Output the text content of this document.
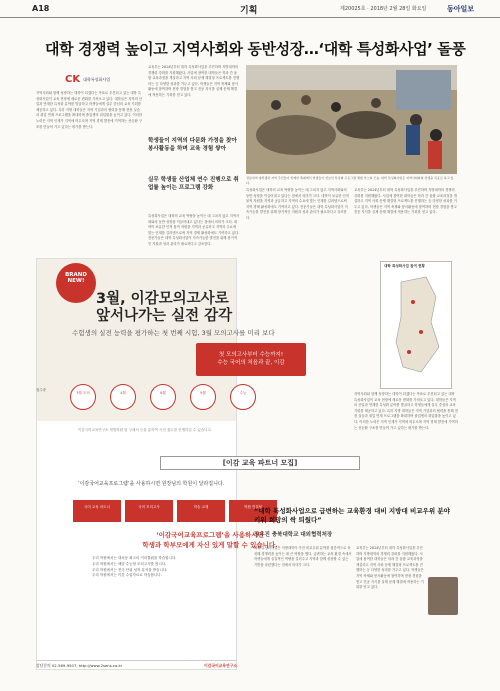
A18	기획	제20025호 · 2018년 2월 28일 화요일	동아일보
대학 경쟁력 높이고 지역사회와 동반성장…‘대학 특성화사업’ 돌풍
CK 대학특성화사업
지역사회와 함께 성장하는 대학이 되겠다는 목표로 추진되고 있는 대학 특성화사업이 교육 현장에 새로운 변화를 가져오고 있다. 대학들은 지역의 산업과 연계한 특성화 분야를 발굴하고 학생들에게 실무 중심의 교육 기회를 제공하고 있다. 특히 지방 대학들은 지역 기업과의 협력을 통해 현장 실습과 취업 연계 프로그램을 확대하며 졸업생의 취업률을 높이고 있다. 이러한 노력은 지역 인재가 지역에 머무르며 지역 경제 발전에 기여하는 선순환 구조를 만들어 가고 있다는 평가를 받는다.
교육부는 2014년부터 대학 특성화사업을 추진하며 지방대학의 경쟁력 강화를 지원해왔다. 사업에 참여한 대학들은 학과 간 융합 교육과정을 개설하고 지역 사회 문제 해결형 프로젝트를 진행하는 등 다양한 성과를 거두고 있다. 학생들은 지역 축제와 봉사활동에 참여하며 현장 경험을 쌓고 전공 지식을 실제 문제 해결에 적용하는 기회를 얻고 있다.
학생들이 지역의 다문화 가정을 찾아 봉사활동을 하며 교육 경험 쌓아
실무 학생들 산업체 연수 진행으로 취업률 높이는 프로그램 강화
특성화사업은 대학의 교육 역량을 높이는 데 그치지 않고 지역사회와의 동반 성장을 이끌어내고 있다는 점에서 의미가 크다. 대학이 보유한 인적 물적 자원을 지역과 공유하고 지역의 수요에 맞는 인재를 길러냄으로써 지역 경제 활성화에도 기여하고 있다. 전문가들은 대학 특성화사업이 지속가능한 발전을 위해 장기적인 지원과 성과 관리가 필요하다고 강조한다.
전남지역 대학생과 지역 주민들이 함께한 축제에서 학생들이 선보인 특성화 프로그램 체험 부스의 모습. 대학 특성화사업은 지역사회와의 상생을 목표로 하고 있다.
특성화사업은 대학의 교육 역량을 높이는 데 그치지 않고 지역사회와의 동반 성장을 이끌어내고 있다는 점에서 의미가 크다. 대학이 보유한 인적 물적 자원을 지역과 공유하고 지역의 수요에 맞는 인재를 길러냄으로써 지역 경제 활성화에도 기여하고 있다. 전문가들은 대학 특성화사업이 지속가능한 발전을 위해 장기적인 지원과 성과 관리가 필요하다고 강조한다.
교육부는 2014년부터 대학 특성화사업을 추진하며 지방대학의 경쟁력 강화를 지원해왔다. 사업에 참여한 대학들은 학과 간 융합 교육과정을 개설하고 지역 사회 문제 해결형 프로젝트를 진행하는 등 다양한 성과를 거두고 있다. 학생들은 지역 축제와 봉사활동에 참여하며 현장 경험을 쌓고 전공 지식을 실제 문제 해결에 적용하는 기회를 얻고 있다.
대학 특성화사업 참여 현황
지역사회와 함께 성장하는 대학이 되겠다는 목표로 추진되고 있는 대학 특성화사업이 교육 현장에 새로운 변화를 가져오고 있다. 대학들은 지역의 산업과 연계한 특성화 분야를 발굴하고 학생들에게 실무 중심의 교육 기회를 제공하고 있다. 특히 지방 대학들은 지역 기업과의 협력을 통해 현장 실습과 취업 연계 프로그램을 확대하며 졸업생의 취업률을 높이고 있다. 이러한 노력은 지역 인재가 지역에 머무르며 지역 경제 발전에 기여하는 선순환 구조를 만들어 가고 있다는 평가를 받는다.
BRAND NEW!
3월, 이감모의고사로
앞서나가는 실전 감각
수험생의 실전 능력을 평가하는 첫 번째 시험, 3월 모의고사를 미리 보다
첫 모의고사부터 수능까지!
수능 국어의 처음과 끝, 이감
접수중
3월 모의	4월	6월	9월	수능
이감국어교육연구소 개별학원 및 구매처 등을 통하여 사전 접수를 진행하실 수 있습니다.
[이감 교육 파트너 모집]
‘이감국어교육프로그램’을 사용하시면 원장님의 학원이 달라집니다.
국어 교육 파트너	국어 모의고사	학습 교재	학원 컨설팅
‘이감국어교육프로그램’을 사용하시면
학생과 학부모에게 자신 있게 말할 수 있습니다.
우리 학원에서는 대치동 최고의 커리큘럼을 학습합니다.
우리 학원에서는 매달 수능형 모의고사를 봅니다.
우리 학원에서는 전국 단위 성적 분석을 받습니다.
우리 학원에서는 이감 수업자료로 학습합니다.
상담문의 02-569-9507, http://www.2sens.co.kr	이감국어교육연구소
“대학 특성화사업으로 급변하는 교육환경 대비 지방대 비교우위 분야 키워 희망의 싹 틔웠다”
장우진 충북대학교 대외협력처장
대학 특성화사업은 지방대학이 가진 비교우위 분야를 집중적으로 육성해 경쟁력을 높이는 데 큰 역할을 했다. 급변하는 교육 환경 속에서 학생들에게 실질적인 역량을 길러주고 지역과 함께 성장할 수 있는 기반을 마련했다는 점에서 의미가 크다.
교육부는 2014년부터 대학 특성화사업을 추진하며 지방대학의 경쟁력 강화를 지원해왔다. 사업에 참여한 대학들은 학과 간 융합 교육과정을 개설하고 지역 사회 문제 해결형 프로젝트를 진행하는 등 다양한 성과를 거두고 있다. 학생들은 지역 축제와 봉사활동에 참여하며 현장 경험을 쌓고 전공 지식을 실제 문제 해결에 적용하는 기회를 얻고 있다.
